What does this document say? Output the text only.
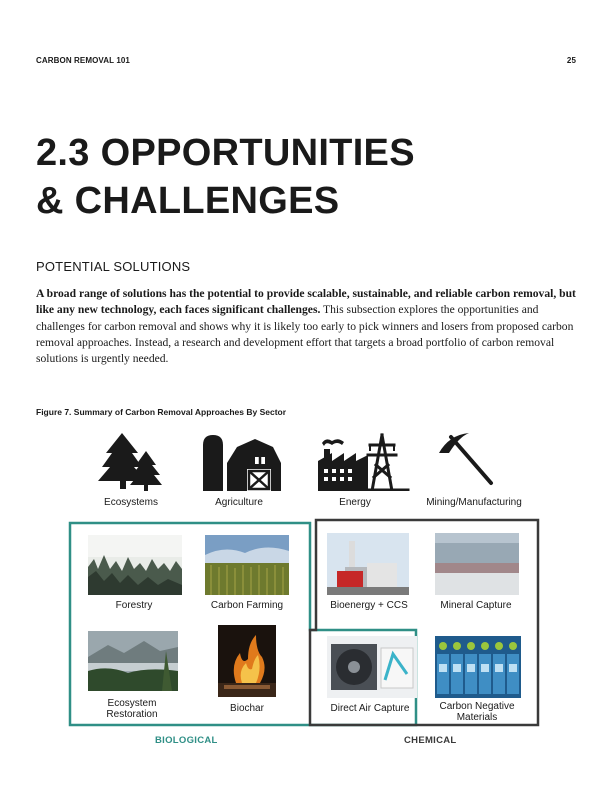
CARBON REMOVAL 101	25
2.3 OPPORTUNITIES
& CHALLENGES
POTENTIAL SOLUTIONS
A broad range of solutions has the potential to provide scalable, sustainable, and reliable carbon removal, but like any new technology, each faces significant challenges. This subsection explores the opportunities and challenges for carbon removal and shows why it is likely too early to pick winners and losers from proposed carbon removal approaches. Instead, a research and development effort that targets a broad portfolio of carbon removal solutions is urgently needed.
Figure 7. Summary of Carbon Removal Approaches By Sector
Ecosystems	Agriculture	Energy	Mining/Manufacturing
Forestry	Carbon Farming	Bioenergy + CCS	Mineral Capture
Ecosystem Restoration
Biochar	Direct Air Capture	Carbon Negative Materials
BIOLOGICAL	CHEMICAL
